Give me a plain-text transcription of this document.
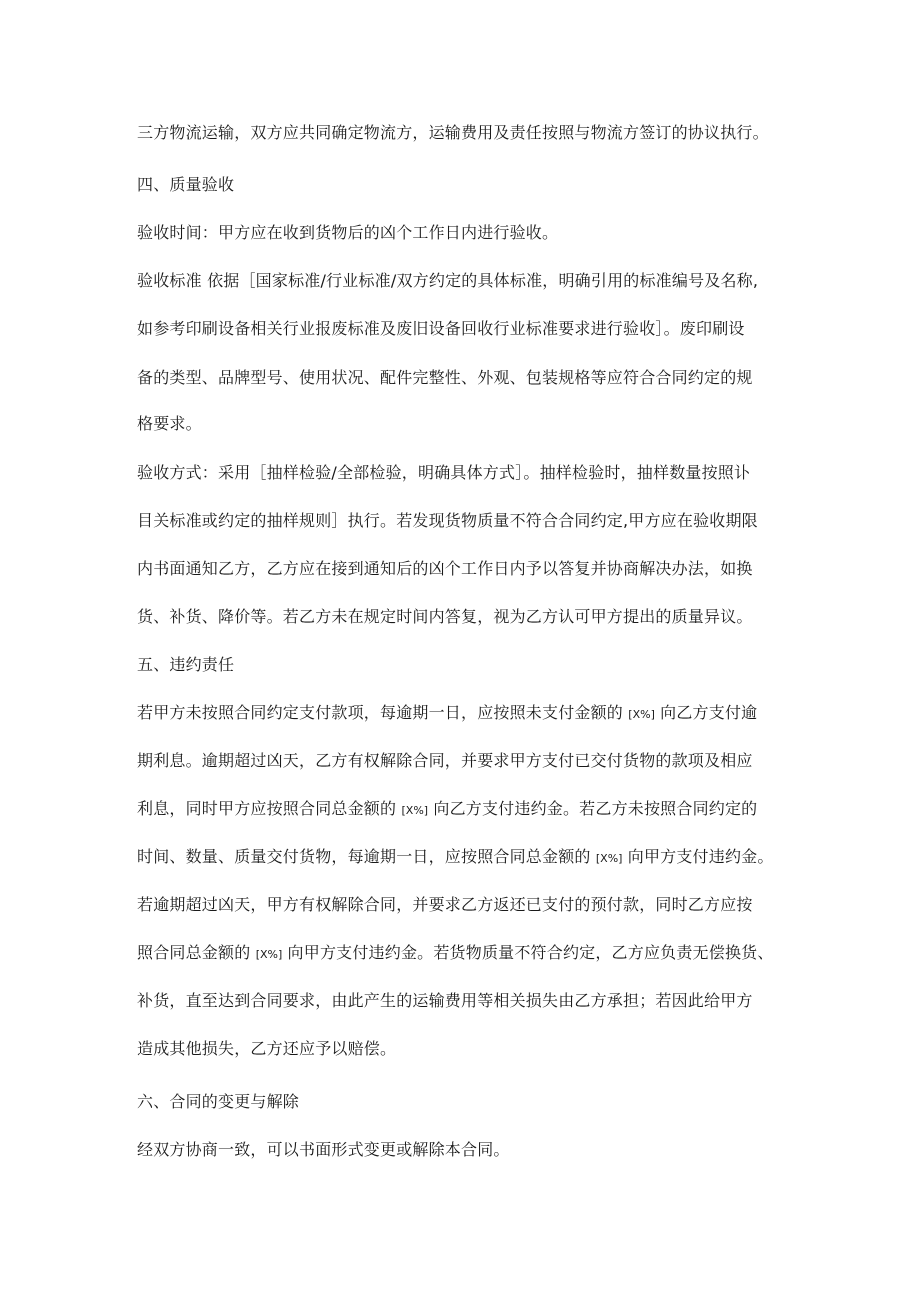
三方物流运输，双方应共同确定物流方，运输费用及责任按照与物流方签订的协议执行。
四、质量验收
验收时间：甲方应在收到货物后的凶个工作日内进行验收。
验收标准 依据［国家标准/行业标准/双方约定的具体标准，明确引用的标准编号及名称,
如参考印刷设备相关行业报废标准及废旧设备回收行业标准要求进行验收］。废印刷设
备的类型、品牌型号、使用状况、配件完整性、外观、包装规格等应符合合同约定的规
格要求。
验收方式：采用［抽样检验/全部检验，明确具体方式］。抽样检验时，抽样数量按照讣
目关标准或约定的抽样规则］执行。若发现货物质量不符合合同约定,甲方应在验收期限
内书面通知乙方，乙方应在接到通知后的凶个工作日内予以答复并协商解决办法，如换
货、补货、降价等。若乙方未在规定时间内答复，视为乙方认可甲方提出的质量异议。
五、违约责任
若甲方未按照合同约定支付款项，每逾期一日，应按照未支付金额的 [X%] 向乙方支付逾
期利息。逾期超过凶天，乙方有权解除合同，并要求甲方支付已交付货物的款项及相应
利息，同时甲方应按照合同总金额的 [X%] 向乙方支付违约金。若乙方未按照合同约定的
时间、数量、质量交付货物，每逾期一日，应按照合同总金额的 [X%] 向甲方支付违约金。
若逾期超过凶天，甲方有权解除合同，并要求乙方返还已支付的预付款，同时乙方应按
照合同总金额的 [X%] 向甲方支付违约金。若货物质量不符合约定，乙方应负责无偿换货、
补货，直至达到合同要求，由此产生的运输费用等相关损失由乙方承担；若因此给甲方
造成其他损失，乙方还应予以赔偿。
六、合同的变更与解除
经双方协商一致，可以书面形式变更或解除本合同。
